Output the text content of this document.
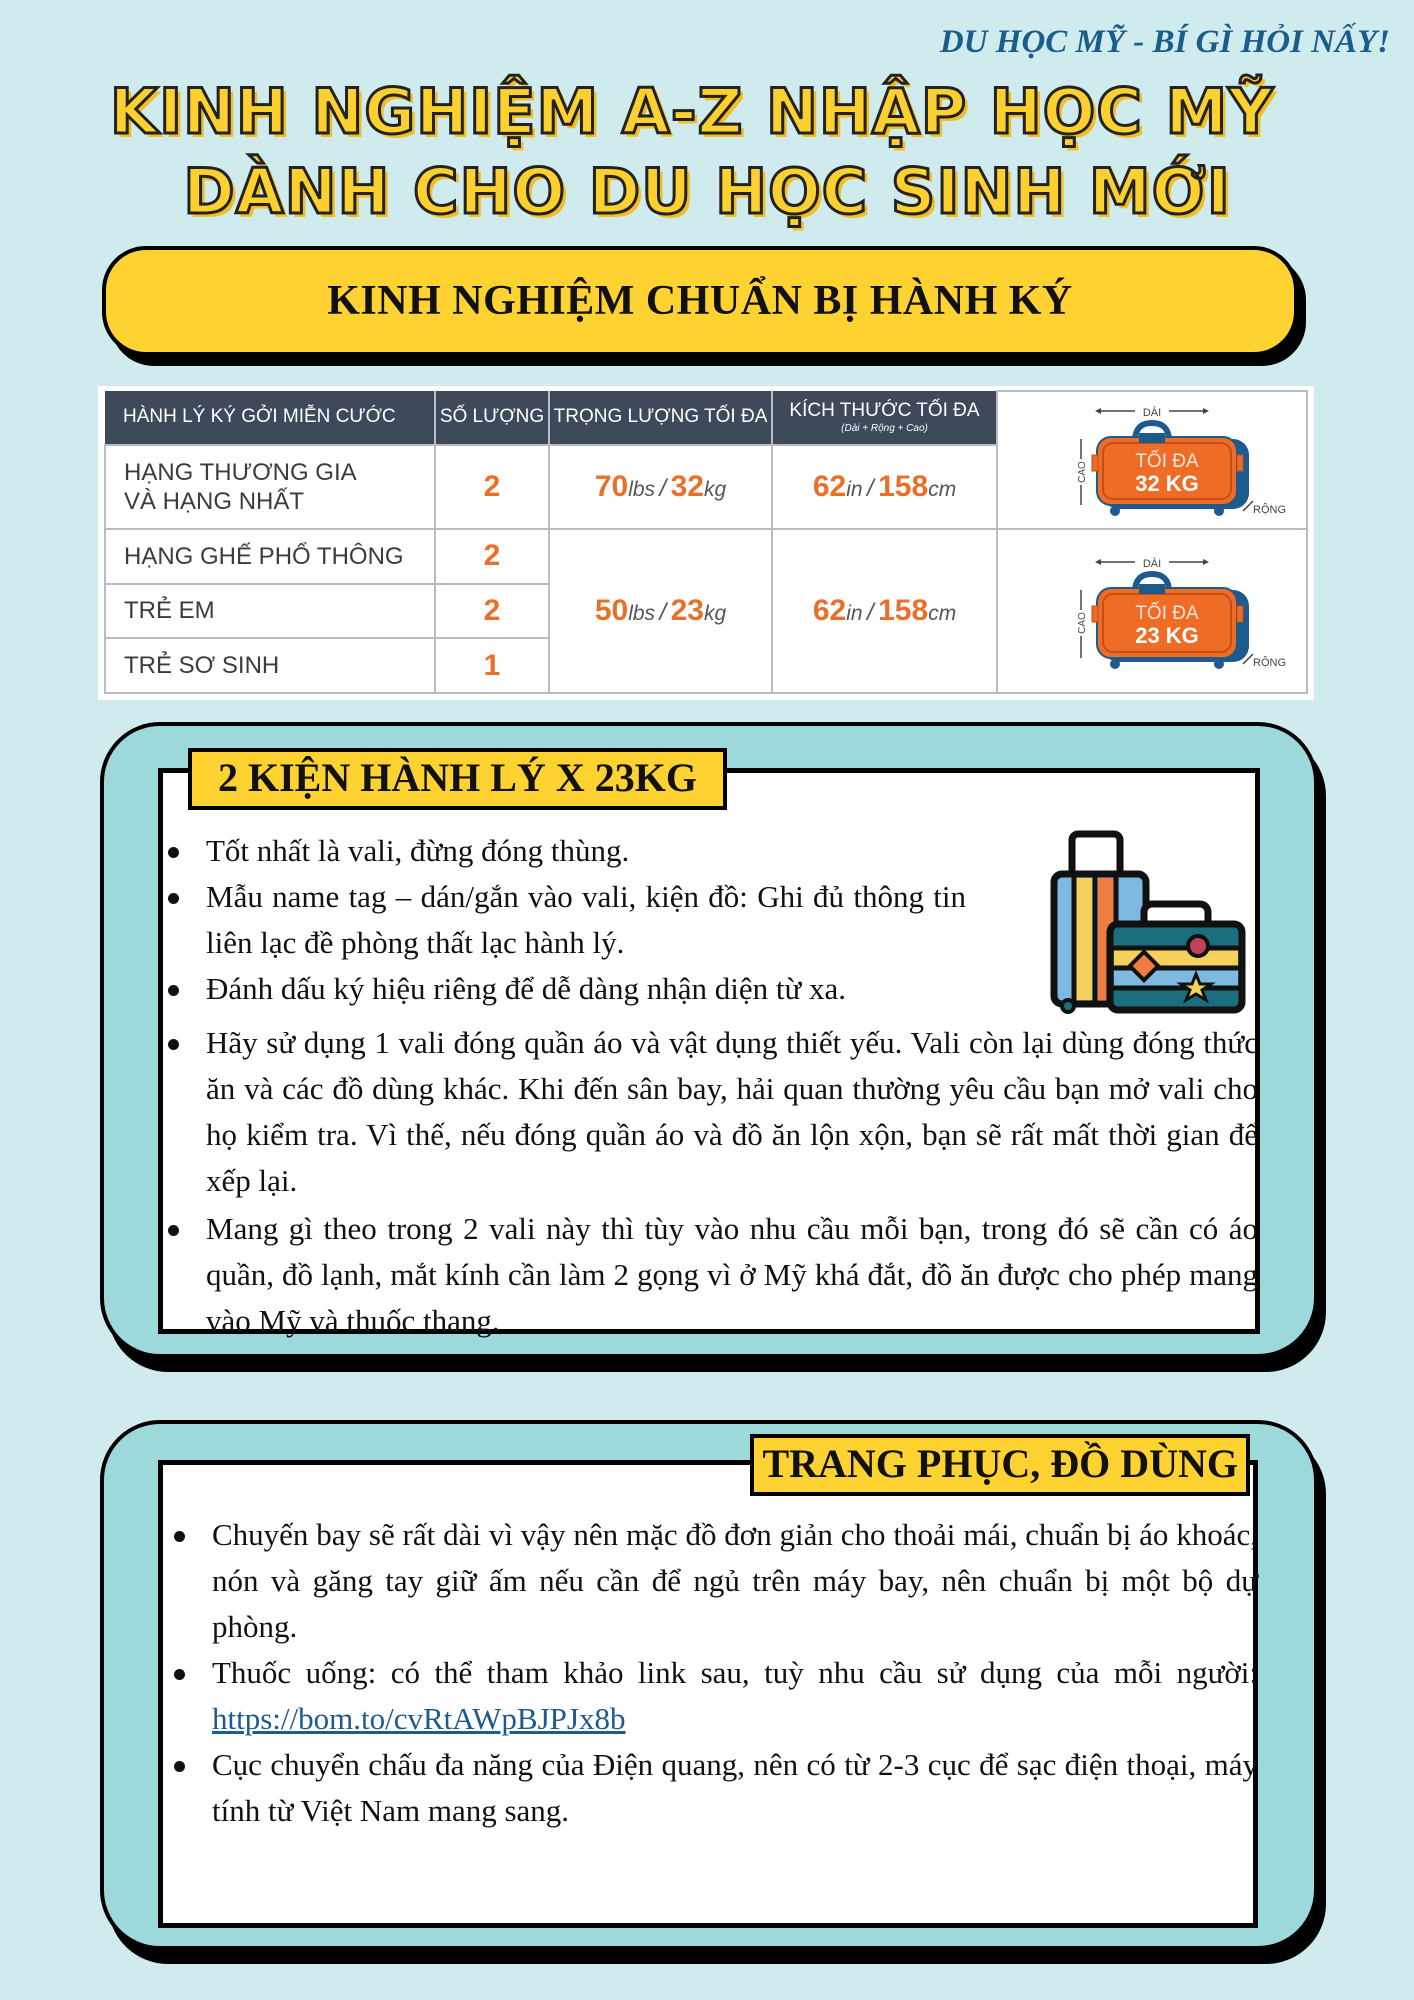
DU HỌC MỸ - BÍ GÌ HỎI NẤY!
KINH NGHIỆM A-Z NHẬP HỌC MỸ
DÀNH CHO DU HỌC SINH MỚI
KINH NGHIỆM CHUẨN BỊ HÀNH KÝ
HÀNH LÝ KÝ GỞI MIỄN CƯỚC	SỐ LƯỢNG	TRỌNG LƯỢNG TỐI ĐA	KÍCH THƯỚC TỐI ĐA
(Dài + Rộng + Cao)	DÀI
CAO
RỘNG
TỐI ĐA
32 KG

HẠNG THƯƠNG GIA
VÀ HẠNG NHẤT	2	70lbs / 32kg	62in / 158cm	
HẠNG GHẾ PHỔ THÔNG	2	50lbs / 23kg	62in / 158cm	DÀI
CAO
RỘNG
TỐI ĐA
23 KG

TRẺ EM	2			
TRẺ SƠ SINH	1			
2 KIỆN HÀNH LÝ X 23KG
Tốt nhất là vali, đừng đóng thùng.
Mẫu name tag – dán/gắn vào vali, kiện đồ: Ghi đủ thông tin liên lạc đề phòng thất lạc hành lý.
Đánh dấu ký hiệu riêng để dễ dàng nhận diện từ xa.
Hãy sử dụng 1 vali đóng quần áo và vật dụng thiết yếu. Vali còn lại dùng đóng thức ăn và các đồ dùng khác. Khi đến sân bay, hải quan thường yêu cầu bạn mở vali cho họ kiểm tra. Vì thế, nếu đóng quần áo và đồ ăn lộn xộn, bạn sẽ rất mất thời gian để xếp lại.
Mang gì theo trong 2 vali này thì tùy vào nhu cầu mỗi bạn, trong đó sẽ cần có áo quần, đồ lạnh, mắt kính cần làm 2 gọng vì ở Mỹ khá đắt, đồ ăn được cho phép mang vào Mỹ và thuốc thang.
TRANG PHỤC, ĐỒ DÙNG
Chuyến bay sẽ rất dài vì vậy nên mặc đồ đơn giản cho thoải mái, chuẩn bị áo khoác, nón và găng tay giữ ấm nếu cần để ngủ trên máy bay, nên chuẩn bị một bộ dự phòng.
Thuốc uống: có thể tham khảo link sau, tuỳ nhu cầu sử dụng của mỗi người: https://bom.to/cvRtAWpBJPJx8b
Cục chuyển chấu đa năng của Điện quang, nên có từ 2-3 cục để sạc điện thoại, máy tính từ Việt Nam mang sang.
